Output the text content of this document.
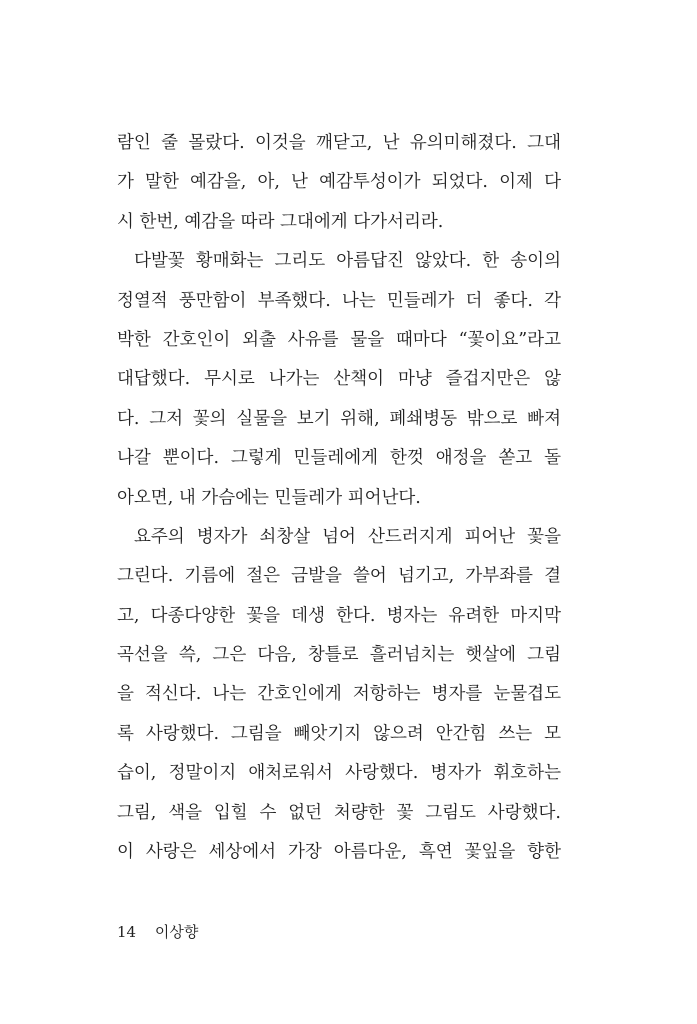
람인 줄 몰랐다. 이것을 깨닫고, 난 유의미해졌다. 그대
가 말한 예감을, 아, 난 예감투성이가 되었다. 이제 다
시 한번, 예감을 따라 그대에게 다가서리라.
다발꽃 황매화는 그리도 아름답진 않았다. 한 송이의
정열적 풍만함이 부족했다. 나는 민들레가 더 좋다. 각
박한 간호인이 외출 사유를 물을 때마다 “꽃이요”라고
대답했다. 무시로 나가는 산책이 마냥 즐겁지만은 않
다. 그저 꽃의 실물을 보기 위해, 폐쇄병동 밖으로 빠져
나갈 뿐이다. 그렇게 민들레에게 한껏 애정을 쏟고 돌
아오면, 내 가슴에는 민들레가 피어난다.
요주의 병자가 쇠창살 넘어 산드러지게 피어난 꽃을
그린다. 기름에 절은 금발을 쓸어 넘기고, 가부좌를 결
고, 다종다양한 꽃을 데생 한다. 병자는 유려한 마지막
곡선을 쓱, 그은 다음, 창틀로 흘러넘치는 햇살에 그림
을 적신다. 나는 간호인에게 저항하는 병자를 눈물겹도
록 사랑했다. 그림을 빼앗기지 않으려 안간힘 쓰는 모
습이, 정말이지 애처로워서 사랑했다. 병자가 휘호하는
그림, 색을 입힐 수 없던 처량한 꽃 그림도 사랑했다.
이 사랑은 세상에서 가장 아름다운, 흑연 꽃잎을 향한
14 이상향
